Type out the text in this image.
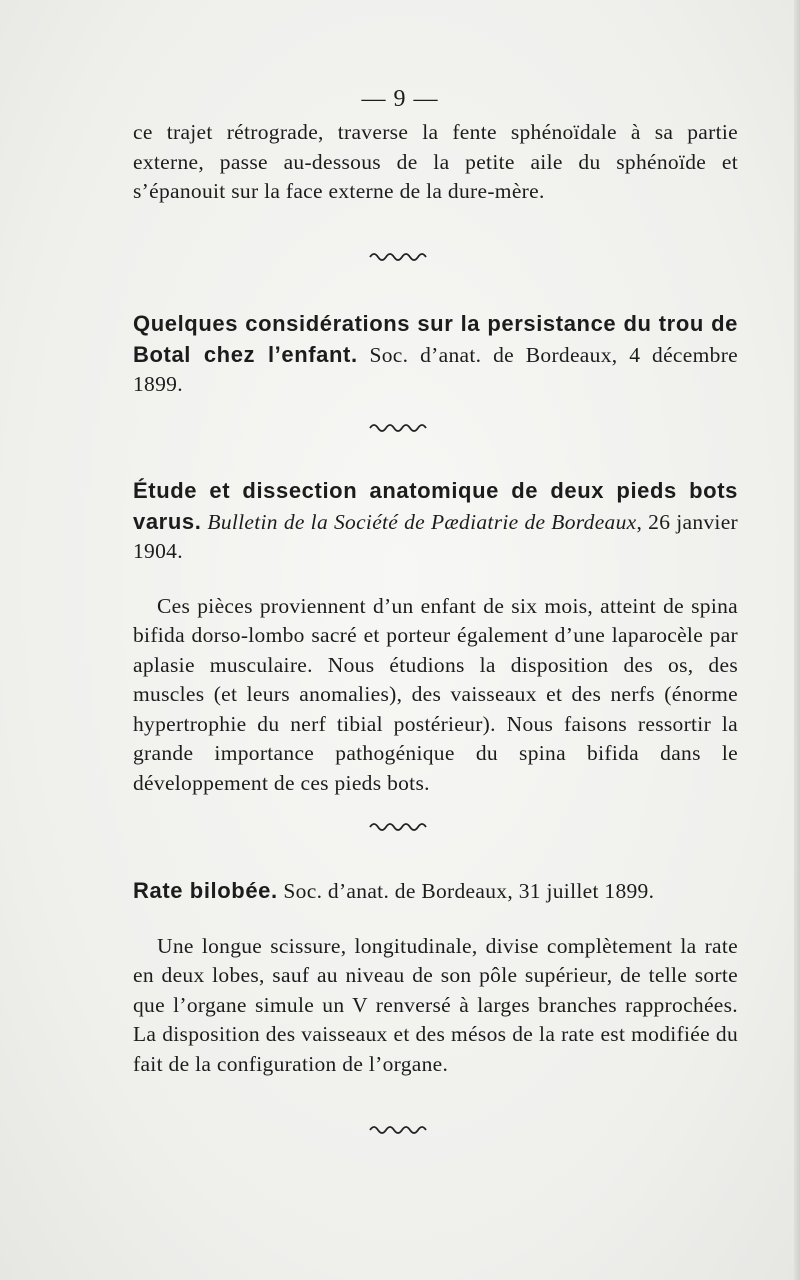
— 9 —

ce trajet rétrograde, traverse la fente sphénoïdale à sa partie externe, passe au-dessous de la petite aile du sphénoïde et s’épanouit sur la face externe de la dure-mère.

Quelques considérations sur la persistance du trou de Botal chez l’enfant. Soc. d’anat. de Bordeaux, 4 décembre 1899.

Étude et dissection anatomique de deux pieds bots varus. Bulletin de la Société de Pædiatrie de Bordeaux, 26 janvier 1904.

Ces pièces proviennent d’un enfant de six mois, atteint de spina bifida dorso-lombo sacré et porteur également d’une laparocèle par aplasie musculaire. Nous étudions la disposition des os, des muscles (et leurs anomalies), des vaisseaux et des nerfs (énorme hypertrophie du nerf tibial postérieur). Nous faisons ressortir la grande importance pathogénique du spina bifida dans le développement de ces pieds bots.

Rate bilobée. Soc. d’anat. de Bordeaux, 31 juillet 1899.

Une longue scissure, longitudinale, divise complètement la rate en deux lobes, sauf au niveau de son pôle supérieur, de telle sorte que l’organe simule un V renversé à larges branches rapprochées. La disposition des vaisseaux et des mésos de la rate est modifiée du fait de la configuration de l’organe.
